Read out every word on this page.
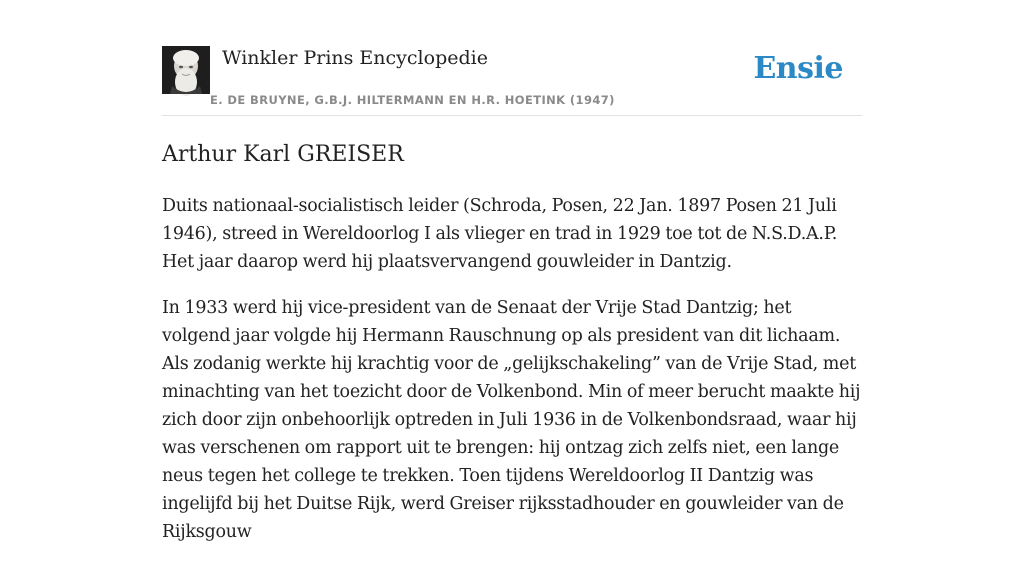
Winkler Prins Encyclopedie
E. DE BRUYNE, G.B.J. HILTERMANN EN H.R. HOETINK (1947)
Ensie
Arthur Karl GREISER

Duits nationaal-socialistisch leider (Schroda, Posen, 22 Jan. 1897 Posen 21 Juli 1946), streed in Wereldoorlog I als vlieger en trad in 1929 toe tot de N.S.D.A.P. Het jaar daarop werd hij plaatsvervangend gouwleider in Dantzig.

In 1933 werd hij vice-president van de Senaat der Vrije Stad Dantzig; het volgend jaar volgde hij Hermann Rauschnung op als president van dit lichaam. Als zodanig werkte hij krachtig voor de „gelijkschakeling” van de Vrije Stad, met minachting van het toezicht door de Volkenbond. Min of meer berucht maakte hij zich door zijn onbehoorlijk optreden in Juli 1936 in de Volkenbondsraad, waar hij was verschenen om rapport uit te brengen: hij ontzag zich zelfs niet, een lange neus tegen het college te trekken. Toen tijdens Wereldoorlog II Dantzig was ingelijfd bij het Duitse Rijk, werd Greiser rijksstadhouder en gouwleider van de Rijksgouw
